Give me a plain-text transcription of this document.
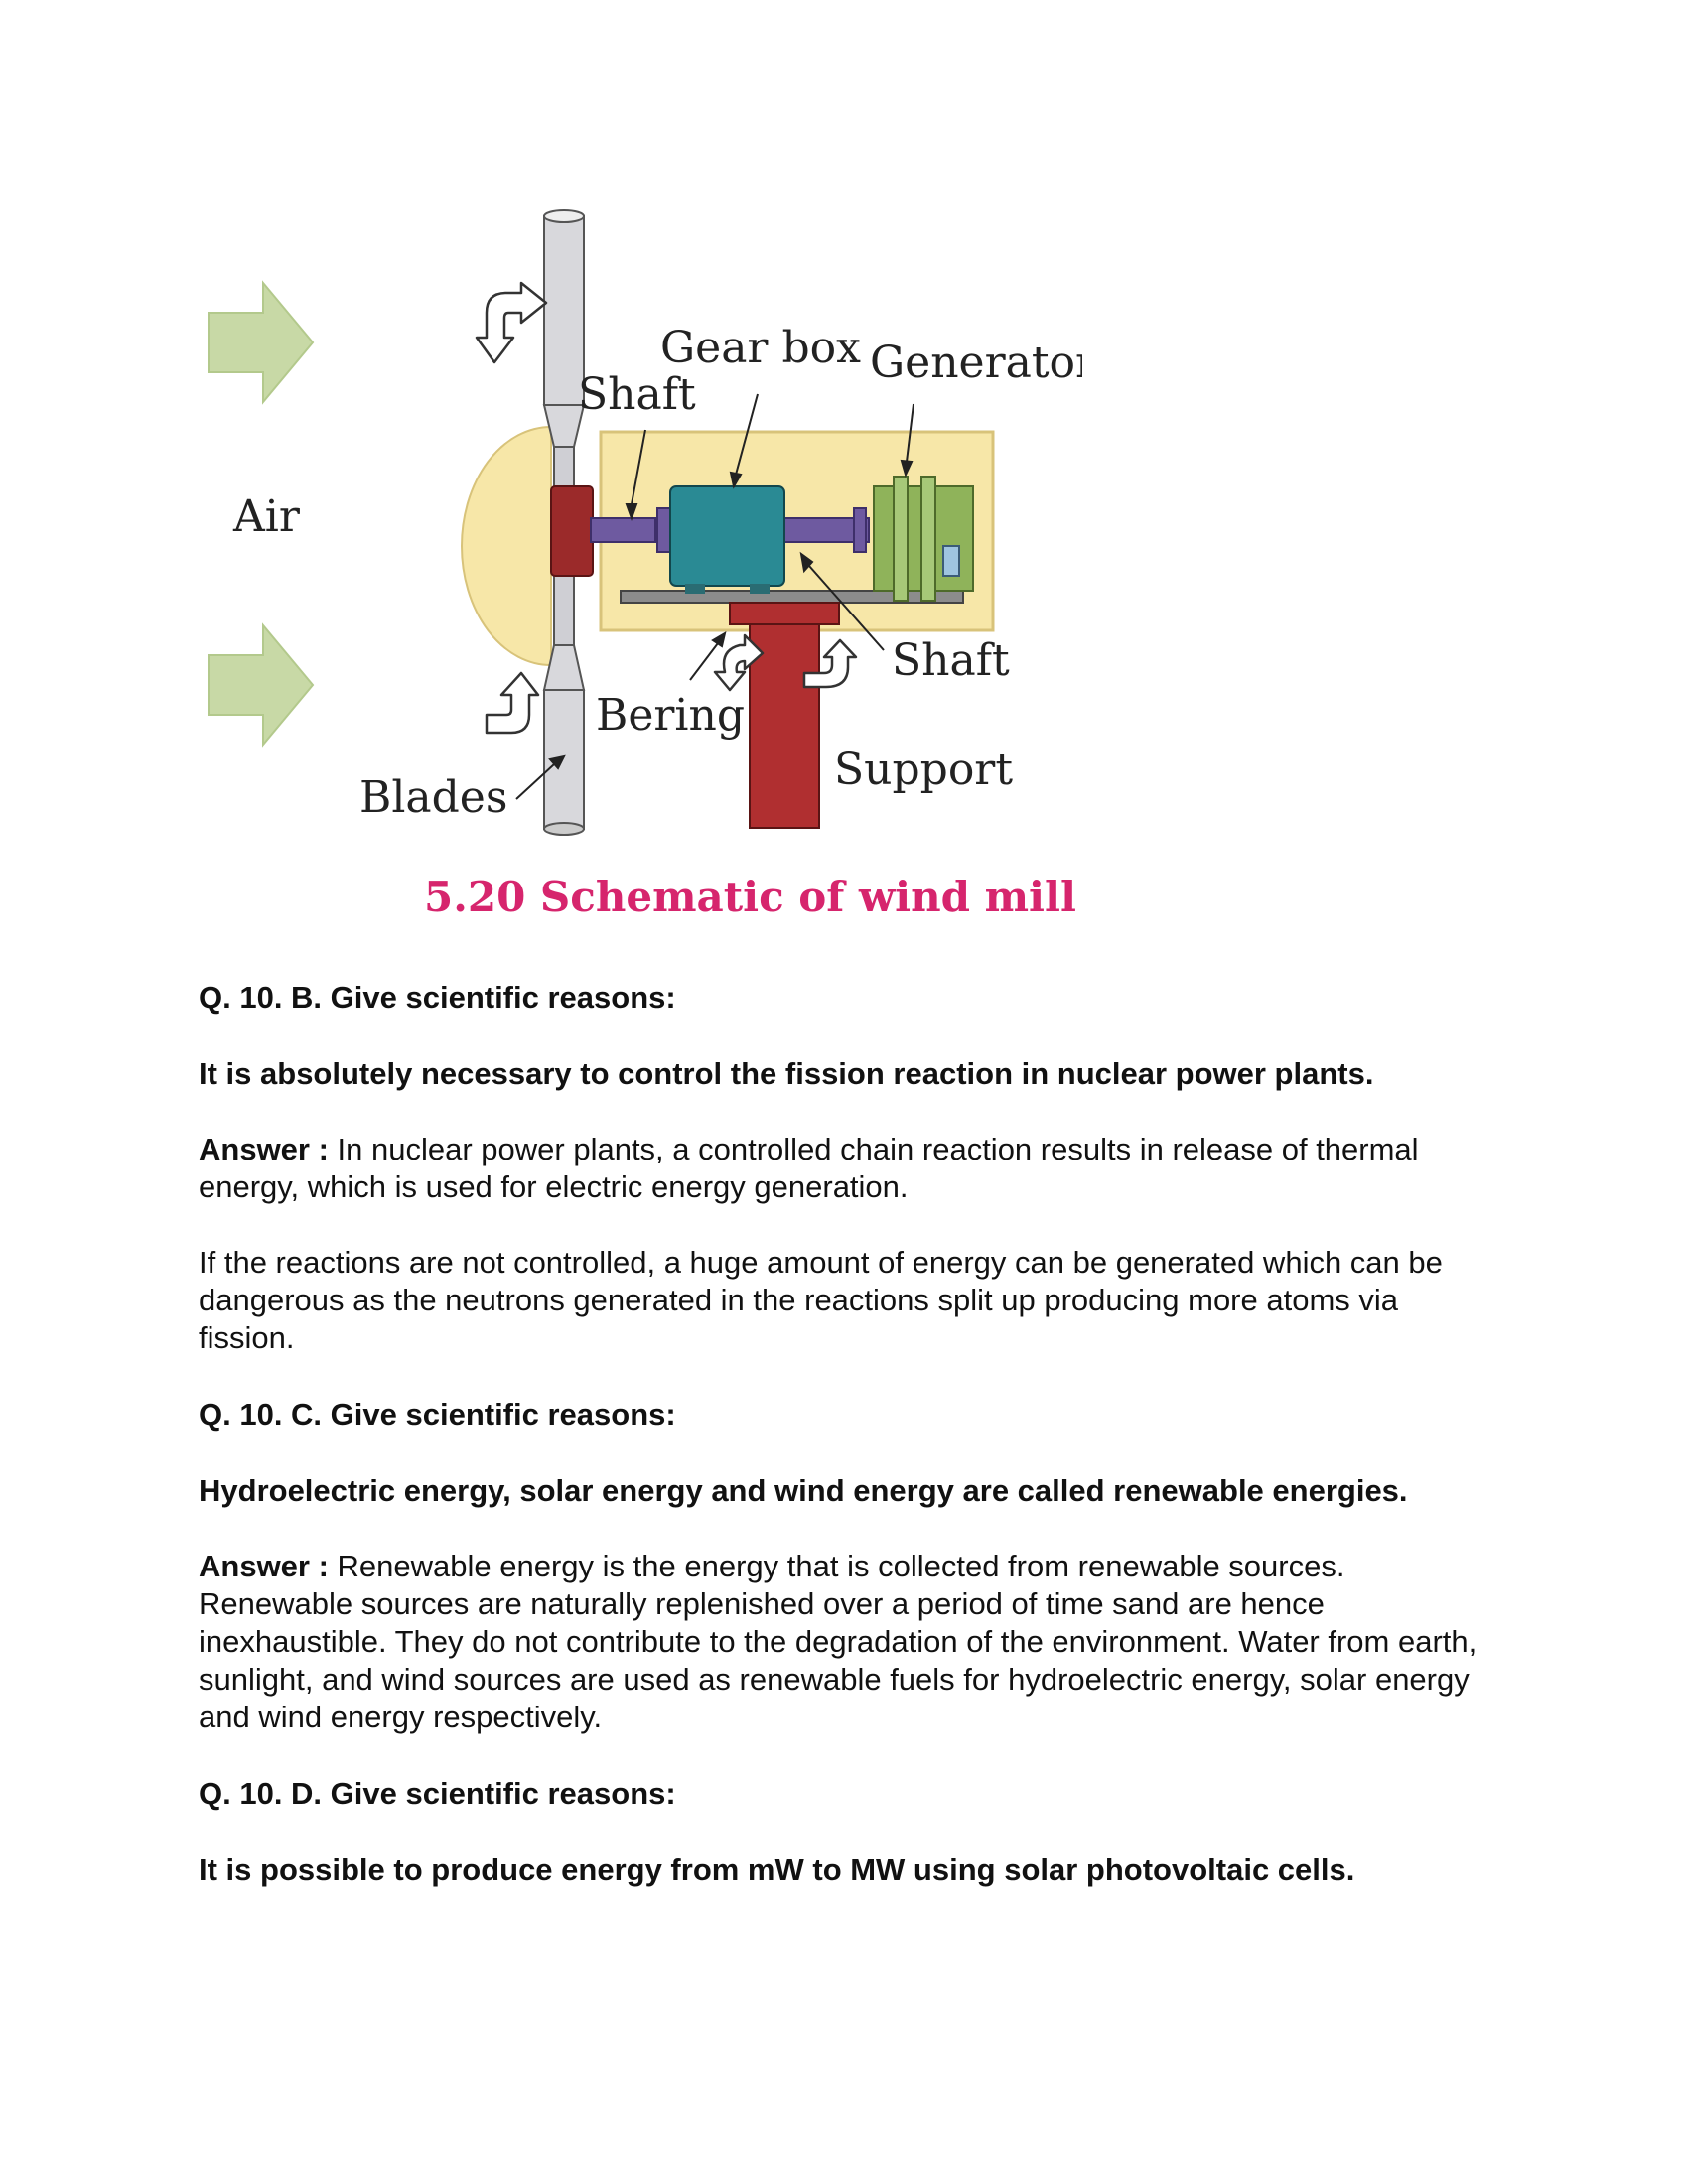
Gear box Generator
Shaft
Air
Shaft
Bering
Blades
Support
5.20 Schematic of wind mill
Q. 10. B. Give scientific reasons:
It is absolutely necessary to control the fission reaction in nuclear power plants.
Answer : In nuclear power plants, a controlled chain reaction results in release of thermal energy, which is used for electric energy generation.
If the reactions are not controlled, a huge amount of energy can be generated which can be dangerous as the neutrons generated in the reactions split up producing more atoms via fission.
Q. 10. C. Give scientific reasons:
Hydroelectric energy, solar energy and wind energy are called renewable energies.
Answer : Renewable energy is the energy that is collected from renewable sources. Renewable sources are naturally replenished over a period of time sand are hence inexhaustible. They do not contribute to the degradation of the environment. Water from earth, sunlight, and wind sources are used as renewable fuels for hydroelectric energy, solar energy and wind energy respectively.
Q. 10. D. Give scientific reasons:
It is possible to produce energy from mW to MW using solar photovoltaic cells.
